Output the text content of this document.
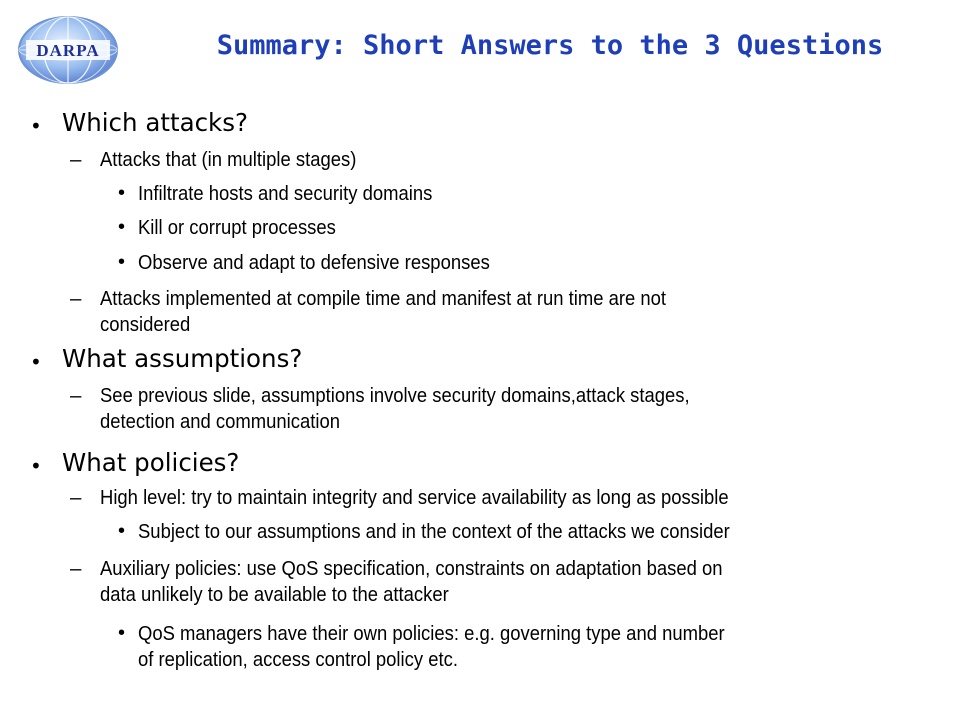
DARPA	Summary: Short Answers to the 3 Questions
• Which attacks?
– Attacks that (in multiple stages)
• Infiltrate hosts and security domains
• Kill or corrupt processes
• Observe and adapt to defensive responses
– Attacks implemented at compile time and manifest at run time are not
considered
• What assumptions?
– See previous slide, assumptions involve security domains,attack stages,
detection and communication
• What policies?
– High level: try to maintain integrity and service availability as long as possible
• Subject to our assumptions and in the context of the attacks we consider
– Auxiliary policies: use QoS specification, constraints on adaptation based on
data unlikely to be available to the attacker
• QoS managers have their own policies: e.g. governing type and number
of replication, access control policy etc.
